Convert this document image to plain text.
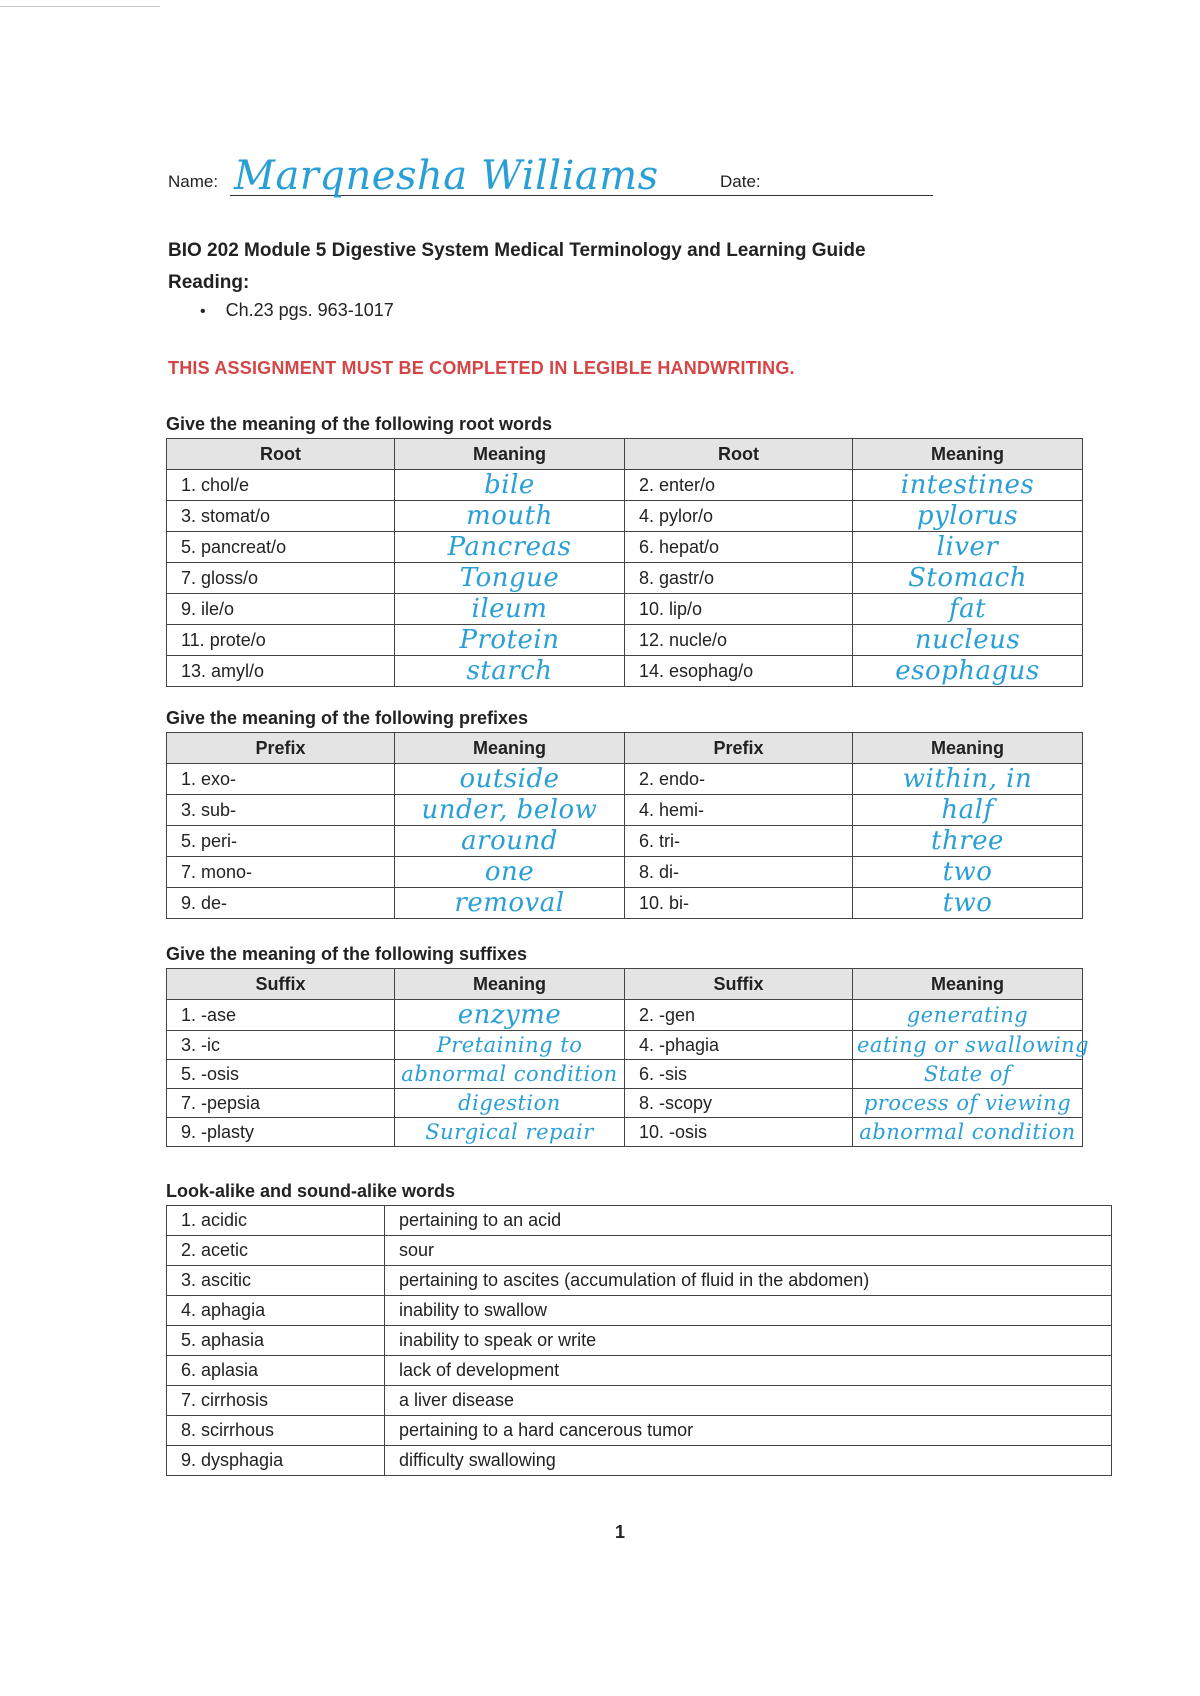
Name: Marqnesha Williams	Date:
BIO 202 Module 5 Digestive System Medical Terminology and Learning Guide
Reading:
• Ch.23 pgs. 963-1017
THIS ASSIGNMENT MUST BE COMPLETED IN LEGIBLE HANDWRITING.
Give the meaning of the following root words
Root	Meaning	Root	Meaning
1. chol/e	bile	2. enter/o	intestines
3. stomat/o	mouth	4. pylor/o	pylorus
5. pancreat/o	Pancreas	6. hepat/o	liver
7. gloss/o	Tongue	8. gastr/o	Stomach
9. ile/o	ileum	10. lip/o	fat
11. prote/o	Protein	12. nucle/o	nucleus
13. amyl/o	starch	14. esophag/o	esophagus
Give the meaning of the following prefixes
Prefix	Meaning	Prefix	Meaning
1. exo-	outside	2. endo-	within, in
3. sub-	under, below	4. hemi-	half
5. peri-	around	6. tri-	three
7. mono-	one	8. di-	two
9. de-	removal	10. bi-	two
Give the meaning of the following suffixes
Suffix	Meaning	Suffix	Meaning
1. -ase	enzyme	2. -gen	generating
3. -ic	Pretaining to	4. -phagia	eating or swallowing
5. -osis	abnormal condition	6. -sis	State of
7. -pepsia	digestion	8. -scopy	process of viewing
9. -plasty	Surgical repair	10. -osis	abnormal condition
Look-alike and sound-alike words
1. acidic	pertaining to an acid
2. acetic	sour
3. ascitic	pertaining to ascites (accumulation of fluid in the abdomen)
4. aphagia	inability to swallow
5. aphasia	inability to speak or write
6. aplasia	lack of development
7. cirrhosis	a liver disease
8. scirrhous	pertaining to a hard cancerous tumor
9. dysphagia	difficulty swallowing
1
